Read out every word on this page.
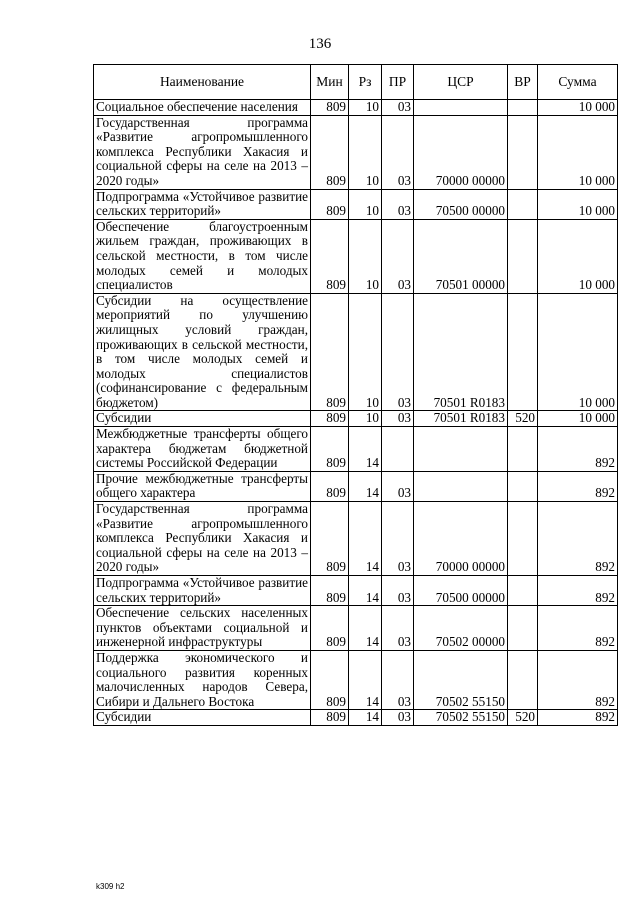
136
Наименование	Мин	Рз	ПР	ЦСР	ВР	Сумма
Социальное обеспечение населения	809	10	03			10 000
Государственная программа «Развитие агропромышленного комплекса Республики Хакасия и социальной сферы на селе на 2013 – 2020 годы»	809	10	03	70000 00000		10 000
Подпрограмма «Устойчивое развитие сельских территорий»	809	10	03	70500 00000		10 000
Обеспечение благоустроенным жильем граждан, проживающих в сельской местности, в том числе молодых семей и молодых специалистов	809	10	03	70501 00000		10 000
Субсидии на осуществление мероприятий по улучшению жилищных условий граждан, проживающих в сельской местности, в том числе молодых семей и молодых специалистов (софинансирование с федеральным бюджетом)	809	10	03	70501 R0183		10 000
Субсидии	809	10	03	70501 R0183	520	10 000
Межбюджетные трансферты общего характера бюджетам бюджетной системы Российской Федерации	809	14				892
Прочие межбюджетные трансферты общего характера	809	14	03			892
Государственная программа «Развитие агропромышленного комплекса Республики Хакасия и социальной сферы на селе на 2013 – 2020 годы»	809	14	03	70000 00000		892
Подпрограмма «Устойчивое развитие сельских территорий»	809	14	03	70500 00000		892
Обеспечение сельских населенных пунктов объектами социальной и инженерной инфраструктуры	809	14	03	70502 00000		892
Поддержка экономического и социального развития коренных малочисленных народов Севера, Сибири и Дальнего Востока	809	14	03	70502 55150		892
Субсидии	809	14	03	70502 55150	520	892
k309 h2
